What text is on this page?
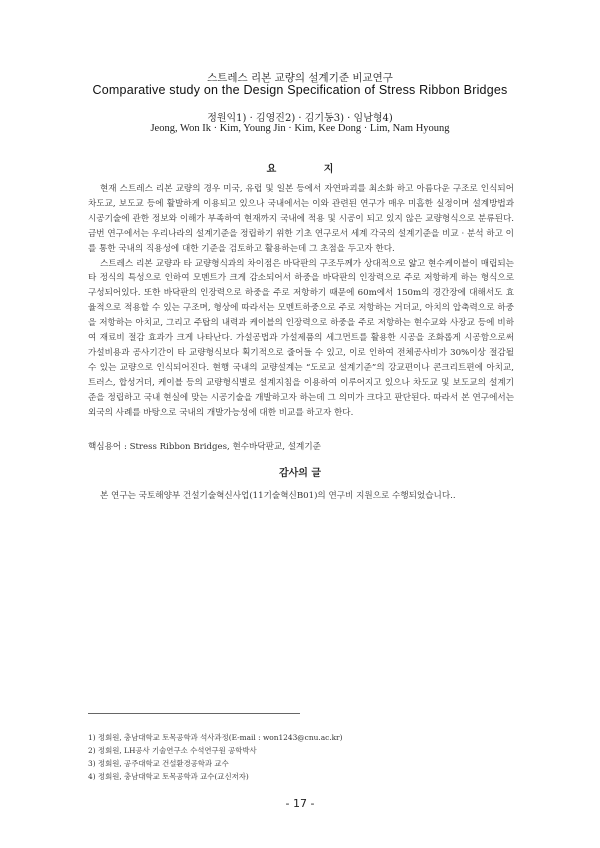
스트레스 리본 교량의 설계기준 비교연구
Comparative study on the Design Specification of Stress Ribbon Bridges
정원익1) · 김영진2) · 김기동3) · 임남형4)
Jeong, Won Ik · Kim, Young Jin · Kim, Kee Dong · Lim, Nam Hyoung
요 지

현재 스트레스 리본 교량의 경우 미국, 유럽 및 일본 등에서 자연파괴를 최소화 하고 아름다운 구조로 인식되어 차도교, 보도교 등에 활발하게 이용되고 있으나 국내에서는 이와 관련된 연구가 매우 미흡한 실정이며 설계방법과 시공기술에 관한 정보와 이해가 부족하여 현재까지 국내에 적용 및 시공이 되고 있지 않은 교량형식으로 분류된다. 금번 연구에서는 우리나라의 설계기준을 정립하기 위한 기초 연구로서 세계 각국의 설계기준을 비교 · 분석 하고 이를 통한 국내의 직용성에 대한 기준을 검토하고 활용하는데 그 초점을 두고자 한다.

스트레스 리본 교량과 타 교량형식과의 차이점은 바닥판의 구조두께가 상대적으로 얇고 현수케이블이 매립되는 타 정식의 특성으로 인하여 모멘트가 크게 감소되어서 하중을 바닥판의 인장력으로 주로 저항하게 하는 형식으로 구성되어있다. 또한 바닥판의 인장력으로 하중을 주로 저항하기 때문에 60m에서 150m의 경간장에 대해서도 효율적으로 적용할 수 있는 구조며, 형상에 따라서는 모멘트하중으로 주로 저항하는 거더교, 아치의 압축력으로 하중을 저항하는 아치교, 그리고 주탑의 내력과 케이블의 인장력으로 하중을 주로 저항하는 현수교와 사장교 등에 비하여 재료비 절감 효과가 크게 나타난다. 가설공법과 가설제품의 세그먼트를 활용한 시공을 조화롭게 시공함으로써 가설비용과 공사기간이 타 교량형식보다 획기적으로 줄어들 수 있고, 이로 인하여 전체공사비가 30%이상 절감될 수 있는 교량으로 인식되어진다. 현행 국내의 교량설계는 “도로교 설계기준”의 강교편이나 콘크리트편에 아치교, 트러스, 합성거더, 케이블 등의 교량형식별로 설계지침을 이용하여 이루어지고 있으나 차도교 및 보도교의 설계기준을 정립하고 국내 현실에 맞는 시공기술을 개발하고자 하는데 그 의미가 크다고 판단된다. 따라서 본 연구에서는 외국의 사례를 바탕으로 국내의 개발가능성에 대한 비교를 하고자 한다.

핵심용어 : Stress Ribbon Bridges, 현수바닥판교, 설계기준
감사의 글
본 연구는 국토해양부 건설기술혁신사업(11기술혁신B01)의 연구비 지원으로 수행되었습니다..
1) 정회원, 충남대학교 토목공학과 석사과정(E-mail : won1243@cnu.ac.kr)
2) 정회원, LH공사 기술연구소 수석연구원 공학박사
3) 정회원, 공주대학교 건설환경공학과 교수
4) 정회원, 충남대학교 토목공학과 교수(교신저자)
- 17 -
